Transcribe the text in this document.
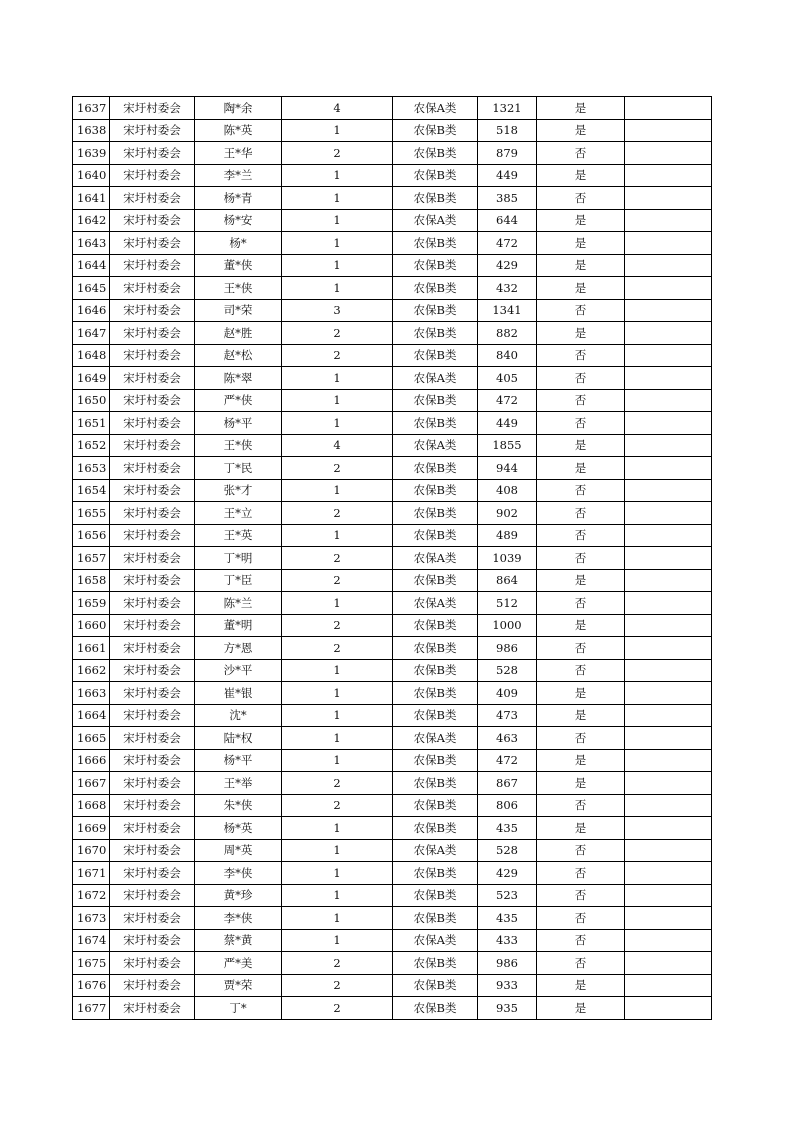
1637	宋圩村委会	陶*余	4	农保A类	1321	是	
1638	宋圩村委会	陈*英	1	农保B类	518	是	
1639	宋圩村委会	王*华	2	农保B类	879	否	
1640	宋圩村委会	李*兰	1	农保B类	449	是	
1641	宋圩村委会	杨*青	1	农保B类	385	否	
1642	宋圩村委会	杨*安	1	农保A类	644	是	
1643	宋圩村委会	杨*	1	农保B类	472	是	
1644	宋圩村委会	董*侠	1	农保B类	429	是	
1645	宋圩村委会	王*侠	1	农保B类	432	是	
1646	宋圩村委会	司*荣	3	农保B类	1341	否	
1647	宋圩村委会	赵*胜	2	农保B类	882	是	
1648	宋圩村委会	赵*松	2	农保B类	840	否	
1649	宋圩村委会	陈*翠	1	农保A类	405	否	
1650	宋圩村委会	严*侠	1	农保B类	472	否	
1651	宋圩村委会	杨*平	1	农保B类	449	否	
1652	宋圩村委会	王*侠	4	农保A类	1855	是	
1653	宋圩村委会	丁*民	2	农保B类	944	是	
1654	宋圩村委会	张*才	1	农保B类	408	否	
1655	宋圩村委会	王*立	2	农保B类	902	否	
1656	宋圩村委会	王*英	1	农保B类	489	否	
1657	宋圩村委会	丁*明	2	农保A类	1039	否	
1658	宋圩村委会	丁*臣	2	农保B类	864	是	
1659	宋圩村委会	陈*兰	1	农保A类	512	否	
1660	宋圩村委会	董*明	2	农保B类	1000	是	
1661	宋圩村委会	方*恩	2	农保B类	986	否	
1662	宋圩村委会	沙*平	1	农保B类	528	否	
1663	宋圩村委会	崔*银	1	农保B类	409	是	
1664	宋圩村委会	沈*	1	农保B类	473	是	
1665	宋圩村委会	陆*权	1	农保A类	463	否	
1666	宋圩村委会	杨*平	1	农保B类	472	是	
1667	宋圩村委会	王*举	2	农保B类	867	是	
1668	宋圩村委会	朱*侠	2	农保B类	806	否	
1669	宋圩村委会	杨*英	1	农保B类	435	是	
1670	宋圩村委会	周*英	1	农保A类	528	否	
1671	宋圩村委会	李*侠	1	农保B类	429	否	
1672	宋圩村委会	黄*珍	1	农保B类	523	否	
1673	宋圩村委会	李*侠	1	农保B类	435	否	
1674	宋圩村委会	蔡*黄	1	农保A类	433	否	
1675	宋圩村委会	严*美	2	农保B类	986	否	
1676	宋圩村委会	贾*荣	2	农保B类	933	是	
1677	宋圩村委会	丁*	2	农保B类	935	是	
